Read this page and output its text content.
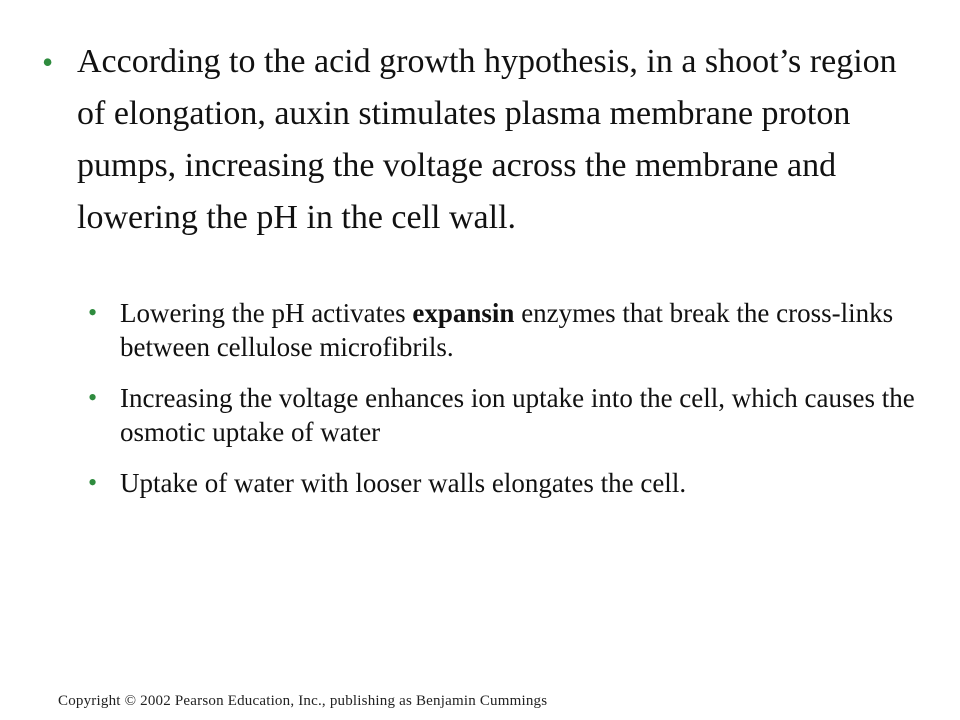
• According to the acid growth hypothesis, in a shoot’s region of elongation, auxin stimulates plasma membrane proton pumps, increasing the voltage across the membrane and lowering the pH in the cell wall.

• Lowering the pH activates expansin enzymes that break the cross-links between cellulose microfibrils.
• Increasing the voltage enhances ion uptake into the cell, which causes the osmotic uptake of water
• Uptake of water with looser walls elongates the cell.
Copyright © 2002 Pearson Education, Inc., publishing as Benjamin Cummings
